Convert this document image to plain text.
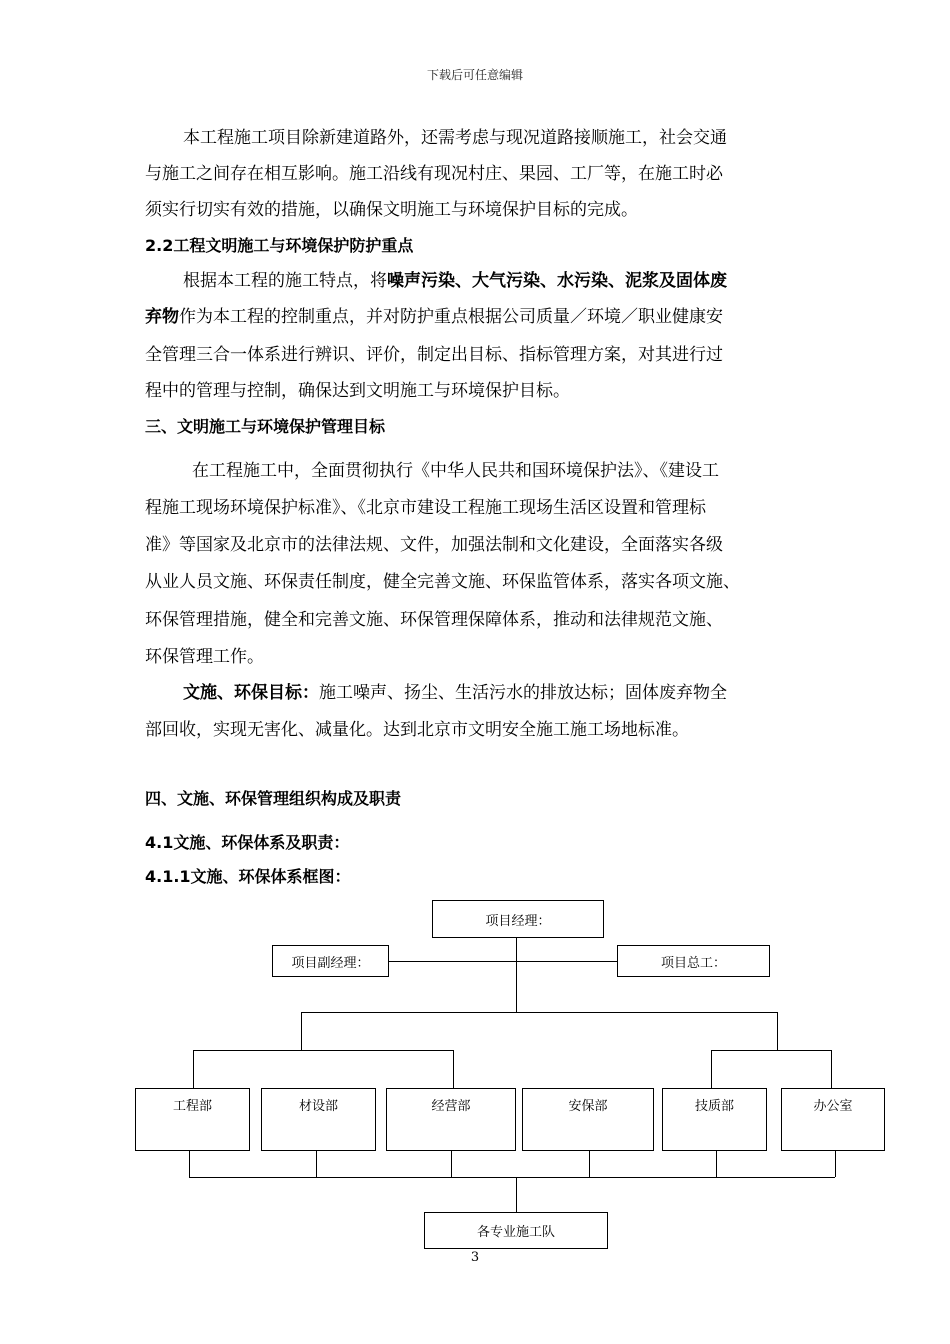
下载后可任意编辑
本工程施工项目除新建道路外，还需考虑与现况道路接顺施工，社会交通
与施工之间存在相互影响。施工沿线有现况村庄、果园、工厂等，在施工时必
须实行切实有效的措施，以确保文明施工与环境保护目标的完成。
2.2工程文明施工与环境保护防护重点
根据本工程的施工特点，将噪声污染、大气污染、水污染、泥浆及固体废
弃物作为本工程的控制重点，并对防护重点根据公司质量／环境／职业健康安
全管理三合一体系进行辨识、评价，制定出目标、指标管理方案，对其进行过
程中的管理与控制，确保达到文明施工与环境保护目标。
三、文明施工与环境保护管理目标
在工程施工中，全面贯彻执行《中华人民共和国环境保护法》、《建设工
程施工现场环境保护标准》、《北京市建设工程施工现场生活区设置和管理标
准》等国家及北京市的法律法规、文件，加强法制和文化建设，全面落实各级
从业人员文施、环保责任制度，健全完善文施、环保监管体系，落实各项文施、
环保管理措施，健全和完善文施、环保管理保障体系，推动和法律规范文施、
环保管理工作。
文施、环保目标：施工噪声、扬尘、生活污水的排放达标；固体废弃物全
部回收，实现无害化、减量化。达到北京市文明安全施工施工场地标准。
四、文施、环保管理组织构成及职责
4.1文施、环保体系及职责：
4.1.1文施、环保体系框图：
项目经理：
项目副经理：	项目总工：
工程部	材设部	经营部	安保部	技质部	办公室
各专业施工队
3
